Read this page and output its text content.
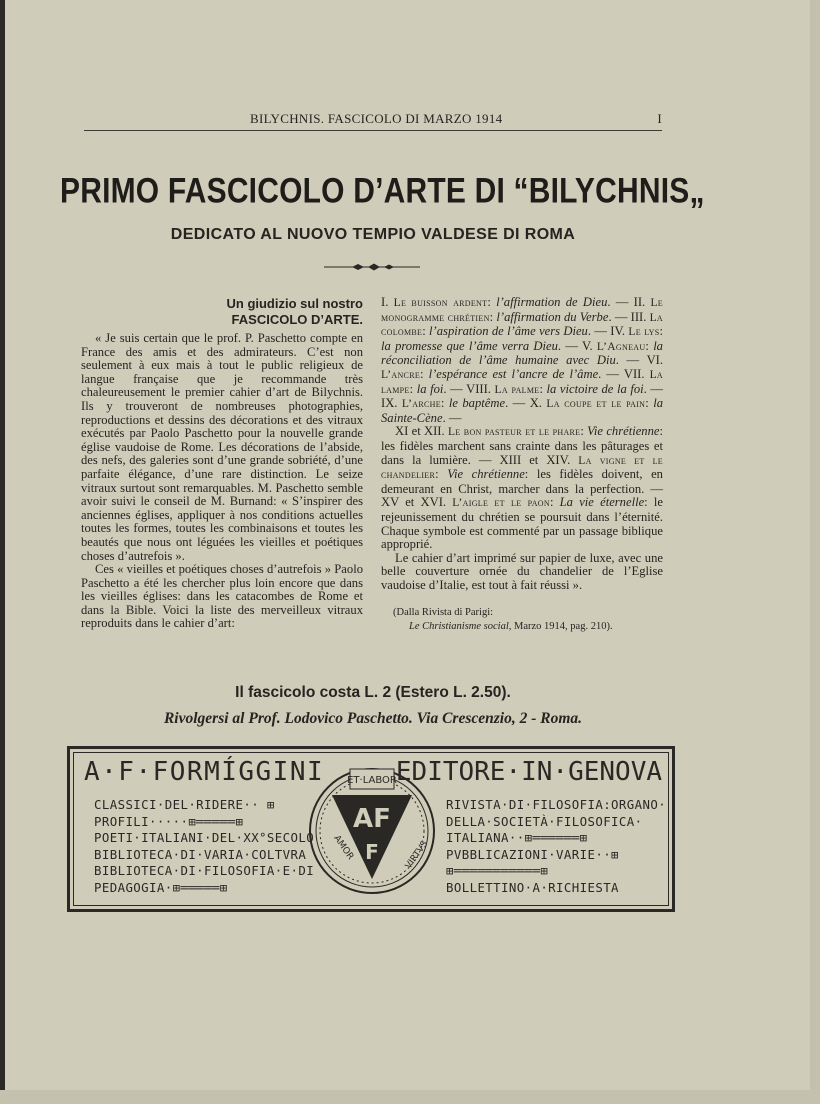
BILYCHNIS. FASCICOLO DI MARZO 1914	I
PRIMO FASCICOLO D’ARTE DI “BILYCHNIS„
DEDICATO AL NUOVO TEMPIO VALDESE DI ROMA
Un giudizio sul nostro
FASCICOLO D’ARTE.

« Je suis certain que le prof. P. Paschetto compte en France des amis et des admirateurs. C’est non seulement à eux mais à tout le public religieux de langue française que je recommande très chaleureusement le premier cahier d’art de Bilychnis. Ils y trouveront de nombreuses photographies, reproductions et dessins des décorations et des vitraux exécutés par Paolo Paschetto pour la nouvelle grande église vaudoise de Rome. Les décorations de l’abside, des nefs, des galeries sont d’une grande sobriété, d’une parfaite élégance, d’une rare distinction. Le seize vitraux surtout sont remarquables. M. Paschetto semble avoir suivi le conseil de M. Burnand: « S’inspirer des anciennes églises, appliquer à nos conditions actuelles toutes les formes, toutes les combinaisons et toutes les beautés que nous ont léguées les vieilles et poétiques choses d’autrefois ».

Ces « vieilles et poétiques choses d’autrefois » Paolo Paschetto a été les chercher plus loin encore que dans les vieilles églises: dans les catacombes de Rome et dans la Bible. Voici la liste des merveilleux vitraux reproduits dans le cahier d’art:

I. Le buisson ardent: l’affirmation de Dieu. — II. Le monogramme chrétien: l’affirmation du Verbe. — III. La colombe: l’aspiration de l’âme vers Dieu. — IV. Le lys: la promesse que l’âme verra Dieu. — V. L’Agneau: la réconciliation de l’âme humaine avec Diu. — VI. L’ancre: l’espérance est l’ancre de l’âme. — VII. La lampe: la foi. — VIII. La palme: la victoire de la foi. — IX. L’arche: le baptême. — X. La coupe et le pain: la Sainte-Cène. —

XI et XII. Le bon pasteur et le phare: Vie chrétienne: les fidèles marchent sans crainte dans les pâturages et dans la lumière. — XIII et XIV. La vigne et le chandelier: Vie chrétienne: les fidèles doivent, en demeurant en Christ, marcher dans la perfection. — XV et XVI. L’aigle et le paon: La vie éternelle: le rejeunissement du chrétien se poursuit dans l’éternité. Chaque symbole est commenté par un passage biblique approprié.

Le cahier d’art imprimé sur papier de luxe, avec une belle couverture ornée du chandelier de l’Eglise vaudoise d’Italie, est tout à fait réussi ».

(Dalla Rivista di Parigi:
Le Christianisme social, Marzo 1914, pag. 210).
Il fascicolo costa L. 2 (Estero L. 2.50).
Rivolgersi al Prof. Lodovico Paschetto. Via Crescenzio, 2 - Roma.
A·F·FORMÍGGINI	EDITORE·IN·GENOVA
CLASSICI·DEL·RIDERE·· ⊞
PROFILI·····⊞═════⊞
POETI·ITALIANI·DEL·XX°SECOLO
BIBLIOTECA·DI·VARIA·COLTVRA
BIBLIOTECA·DI·FILOSOFIA·E·DI
PEDAGOGIA·⊞═════⊞
RIVISTA·DI·FILOSOFIA:ORGANO·
DELLA·SOCIETÀ·FILOSOFICA·
ITALIANA··⊞══════⊞
PVBBLICAZIONI·VARIE··⊞
⊞═══════════⊞
BOLLETTINO·A·RICHIESTA
ET·LABOR
AF
F
AMOR	VIRTVS
